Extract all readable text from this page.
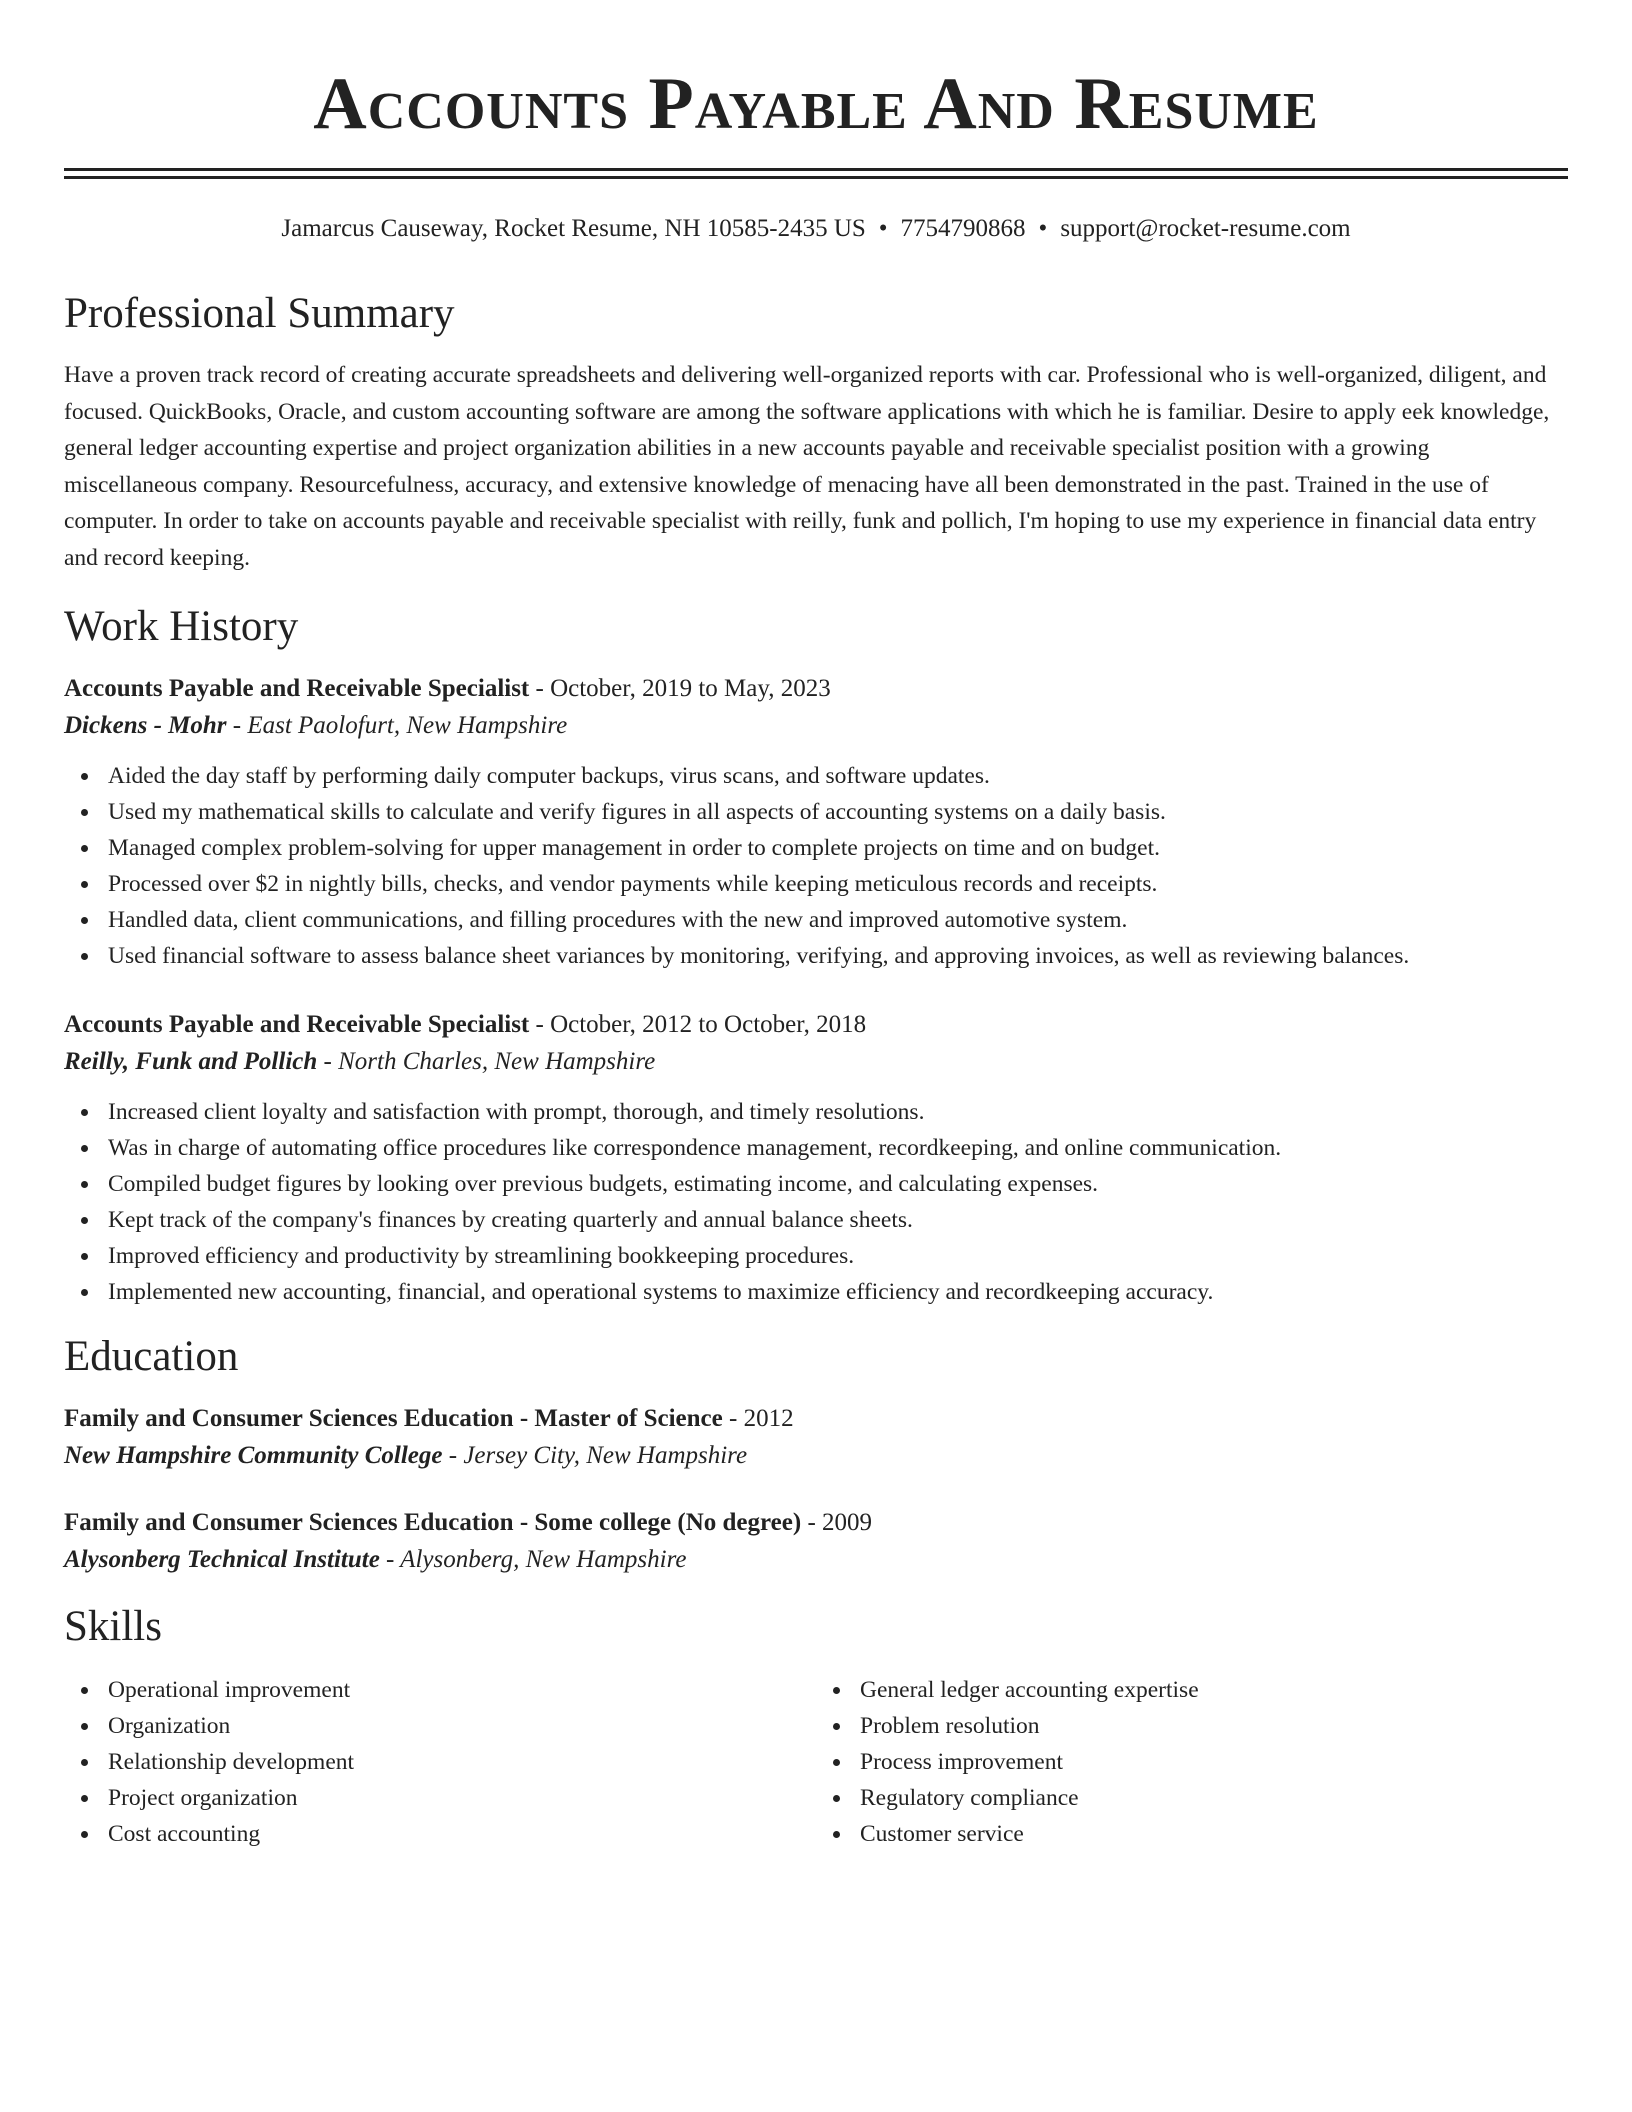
Accounts Payable And Resume
Jamarcus Causeway, Rocket Resume, NH 10585-2435 US • 7754790868 • support@rocket-resume.com
Professional Summary
Have a proven track record of creating accurate spreadsheets and delivering well-organized reports with car. Professional who is well-organized, diligent, and focused. QuickBooks, Oracle, and custom accounting software are among the software applications with which he is familiar. Desire to apply eek knowledge, general ledger accounting expertise and project organization abilities in a new accounts payable and receivable specialist position with a growing miscellaneous company. Resourcefulness, accuracy, and extensive knowledge of menacing have all been demonstrated in the past. Trained in the use of computer. In order to take on accounts payable and receivable specialist with reilly, funk and pollich, I'm hoping to use my experience in financial data entry and record keeping.
Work History
Accounts Payable and Receivable Specialist - October, 2019 to May, 2023
Dickens - Mohr - East Paolofurt, New Hampshire
Aided the day staff by performing daily computer backups, virus scans, and software updates.
Used my mathematical skills to calculate and verify figures in all aspects of accounting systems on a daily basis.
Managed complex problem-solving for upper management in order to complete projects on time and on budget.
Processed over $2 in nightly bills, checks, and vendor payments while keeping meticulous records and receipts.
Handled data, client communications, and filling procedures with the new and improved automotive system.
Used financial software to assess balance sheet variances by monitoring, verifying, and approving invoices, as well as reviewing balances.
Accounts Payable and Receivable Specialist - October, 2012 to October, 2018
Reilly, Funk and Pollich - North Charles, New Hampshire
Increased client loyalty and satisfaction with prompt, thorough, and timely resolutions.
Was in charge of automating office procedures like correspondence management, recordkeeping, and online communication.
Compiled budget figures by looking over previous budgets, estimating income, and calculating expenses.
Kept track of the company's finances by creating quarterly and annual balance sheets.
Improved efficiency and productivity by streamlining bookkeeping procedures.
Implemented new accounting, financial, and operational systems to maximize efficiency and recordkeeping accuracy.
Education
Family and Consumer Sciences Education - Master of Science - 2012
New Hampshire Community College - Jersey City, New Hampshire
Family and Consumer Sciences Education - Some college (No degree) - 2009
Alysonberg Technical Institute - Alysonberg, New Hampshire
Skills
Operational improvement
Organization
Relationship development
Project organization
Cost accounting
General ledger accounting expertise
Problem resolution
Process improvement
Regulatory compliance
Customer service
